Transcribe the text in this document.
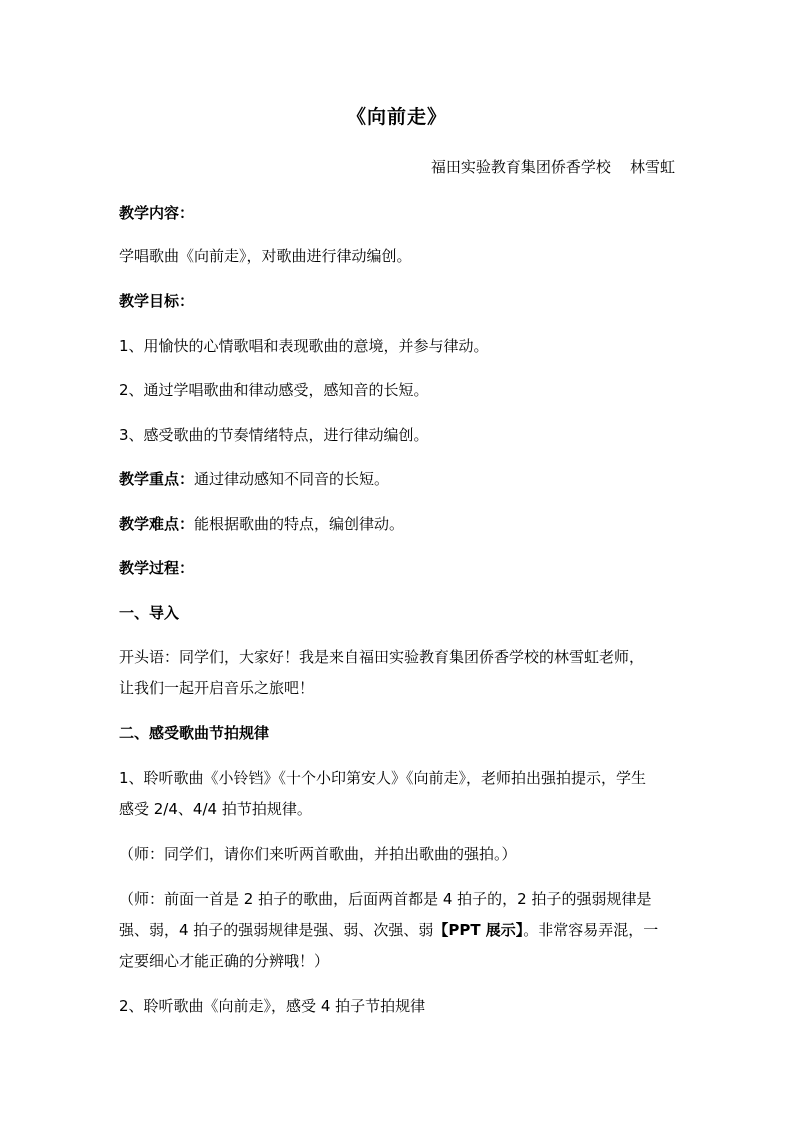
《向前走》
福田实验教育集团侨香学校    林雪虹
教学内容：
学唱歌曲《向前走》，对歌曲进行律动编创。
教学目标：
1、用愉快的心情歌唱和表现歌曲的意境，并参与律动。
2、通过学唱歌曲和律动感受，感知音的长短。
3、感受歌曲的节奏情绪特点，进行律动编创。
教学重点：通过律动感知不同音的长短。
教学难点：能根据歌曲的特点，编创律动。
教学过程：
一、导入
开头语：同学们，大家好！我是来自福田实验教育集团侨香学校的林雪虹老师，
让我们一起开启音乐之旅吧！
二、感受歌曲节拍规律
1、聆听歌曲《小铃铛》《十个小印第安人》《向前走》，老师拍出强拍提示，学生
感受 2/4、4/4 拍节拍规律。
（师：同学们，请你们来听两首歌曲，并拍出歌曲的强拍。）
（师：前面一首是 2 拍子的歌曲，后面两首都是 4 拍子的，2 拍子的强弱规律是
强、弱，4 拍子的强弱规律是强、弱、次强、弱【PPT 展示】。非常容易弄混，一
定要细心才能正确的分辨哦！）
2、聆听歌曲《向前走》，感受 4 拍子节拍规律
